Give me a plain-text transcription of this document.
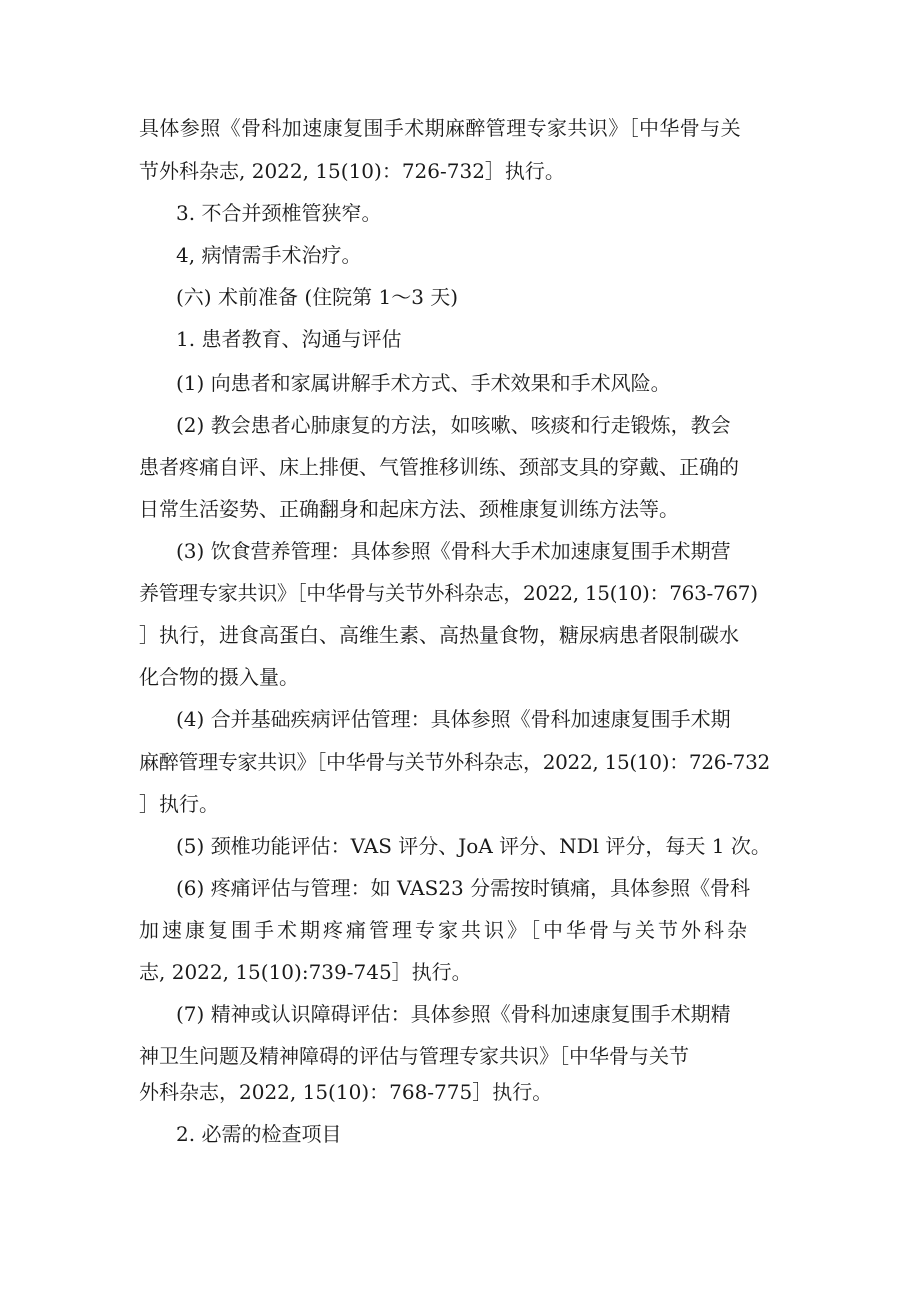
具体参照《骨科加速康复围手术期麻醉管理专家共识》［中华骨与关
节外科杂志, 2022, 15(10)：726-732］执行。
3. 不合并颈椎管狭窄。
4, 病情需手术治疗。
(六) 术前准备 (住院第 1～3 天)
1. 患者教育、沟通与评估
(1) 向患者和家属讲解手术方式、手术效果和手术风险。
(2) 教会患者心肺康复的方法，如咳嗽、咳痰和行走锻炼，教会
患者疼痛自评、床上排便、气管推移训练、颈部支具的穿戴、正确的
日常生活姿势、正确翻身和起床方法、颈椎康复训练方法等。
(3) 饮食营养管理：具体参照《骨科大手术加速康复围手术期营
养管理专家共识》［中华骨与关节外科杂志，2022, 15(10)：763-767)
］执行，进食高蛋白、高维生素、高热量食物，糖尿病患者限制碳水
化合物的摄入量。
(4) 合并基础疾病评估管理：具体参照《骨科加速康复围手术期
麻醉管理专家共识》［中华骨与关节外科杂志，2022, 15(10)：726-732
］执行。
(5) 颈椎功能评估：VAS 评分、JoA 评分、NDl 评分，每天 1 次。
(6) 疼痛评估与管理：如 VAS23 分需按时镇痛，具体参照《骨科
加速康复围手术期疼痛管理专家共识》［中华骨与关节外科杂
志, 2022, 15(10):739-745］执行。
(7) 精神或认识障碍评估：具体参照《骨科加速康复围手术期精
神卫生问题及精神障碍的评估与管理专家共识》［中华骨与关节
外科杂志，2022, 15(10)：768-775］执行。
2. 必需的检查项目
